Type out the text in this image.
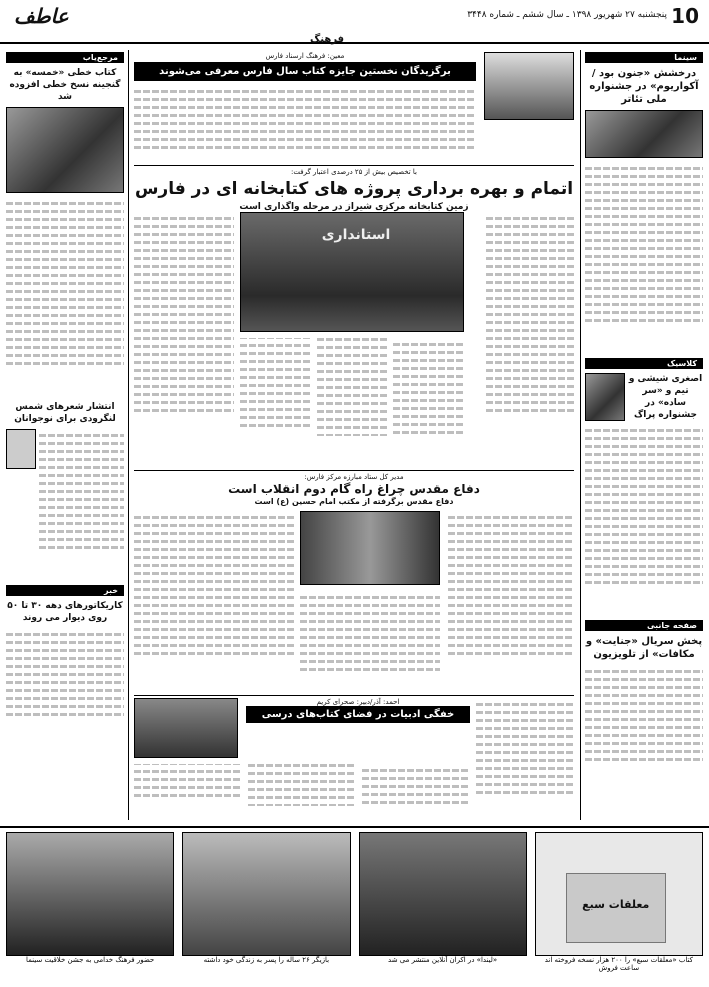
10
پنجشنبه ۲۷ شهریور ۱۳۹۸ ـ سال ششم ـ شماره ۳۴۴۸
عاطف
فرهنگ
سینما
درخشش «جنون بود / آکواریوم» در جشنواره ملی تئاتر
کلاسیک
اصغری شیشی و تیم و «سر ساده» در جشنواره پراگ
صفحه جانبی
پخش سریال «جنایت» و مکافات» از تلویزیون
مرجع‌یاب
کتاب خطی «خمسه» به گنجینه نسخ خطی افزوده شد
انتشار شعرهای شمس لنگرودی برای نوجوانان
خبر
کاریکاتورهای دهه ۳۰ تا ۵۰ روی دیوار می روند
معین: فرهنگ ارسناد فارس
برگزیدگان نخستین جایزه کتاب سال فارس معرفی می‌شوند
با تخصیص بیش از ۲۵ درصدی اعتبار گرفت:
اتمام و بهره برداری پروژه های کتابخانه ای در فارس
زمین کتابخانه مرکزی شیراز در مرحله واگذاری است
استانداری
مدیر کل ستاد مبارزه مرکز فارس:
دفاع مقدس چراغ راه گام دوم انقلاب است
دفاع مقدس برگرفته از مکتب امام حسین (ع) است
احمد: آذر/دبیر: صحرای کریم
خفگی ادبیات در فضای کتاب‌های درسی
معلقات سبع
کتاب «معلقات سبع» را ۲۰۰ هزار نسخه فروخته اند ساعت فروش
«لیندا» در اکران آنلاین منتشر می شد
بازیگر ۲۶ ساله را پسر به زندگی خود داشته
حضور فرهنگ خدامی به جشن خلاقیت سینما
